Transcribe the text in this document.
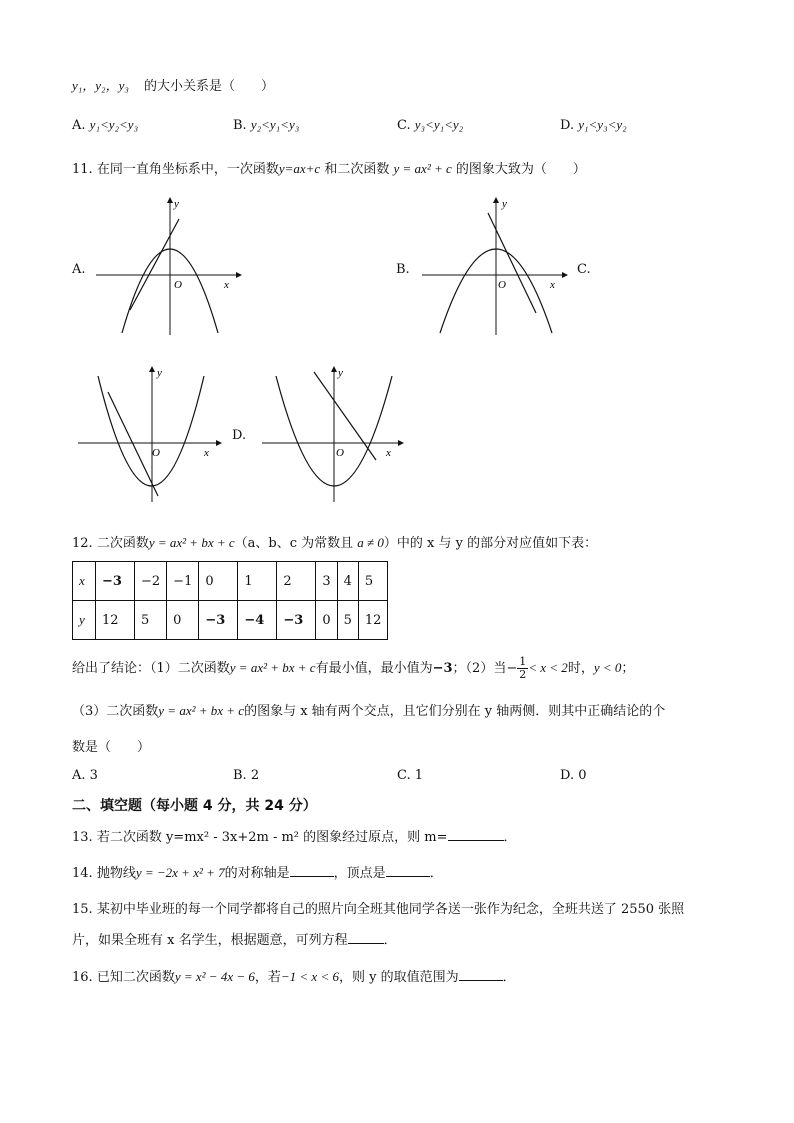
y₁，y₂，y₃ 的大小关系是（　　）
A. y₁<y₂<y₃	B. y₂<y₁<y₃	C. y₃<y₁<y₂	D. y₁<y₃<y₂
11. 在同一直角坐标系中，一次函数y=ax+c 和二次函数 y = ax² + c 的图象大致为（　　）
A.
y
O	x
B.
y
O	x
C.
y
O	x
D.
y
O	x
12. 二次函数y = ax² + bx + c（a、b、c 为常数且 a ≠ 0）中的 x 与 y 的部分对应值如下表：
x	−3	−2	−1	0	1	2	3	4	5
y	12	5	0	−3	−4	−3	0	5	12
给出了结论：（1）二次函数y = ax² + bx + c有最小值，最小值为−3；（2）当− $\frac{1}{2} < x < 2$时，y < 0；
（3）二次函数y = ax² + bx + c的图象与 x 轴有两个交点，且它们分别在 y 轴两侧．则其中正确结论的个
数是（　　）
A. 3	B. 2	C. 1	D. 0
二、填空题（每小题 4 分，共 24 分）
13. 若二次函数 y=mx² - 3x+2m - m² 的图象经过原点，则 m=	．
14. 抛物线y = −2x + x² + 7的对称轴是	，顶点是	．
15. 某初中毕业班的每一个同学都将自己的照片向全班其他同学各送一张作为纪念，全班共送了 2550 张照
片，如果全班有 x 名学生，根据题意，可列方程	．
16. 已知二次函数y = x² − 4x − 6，若−1 < x < 6，则 y 的取值范围为	．
